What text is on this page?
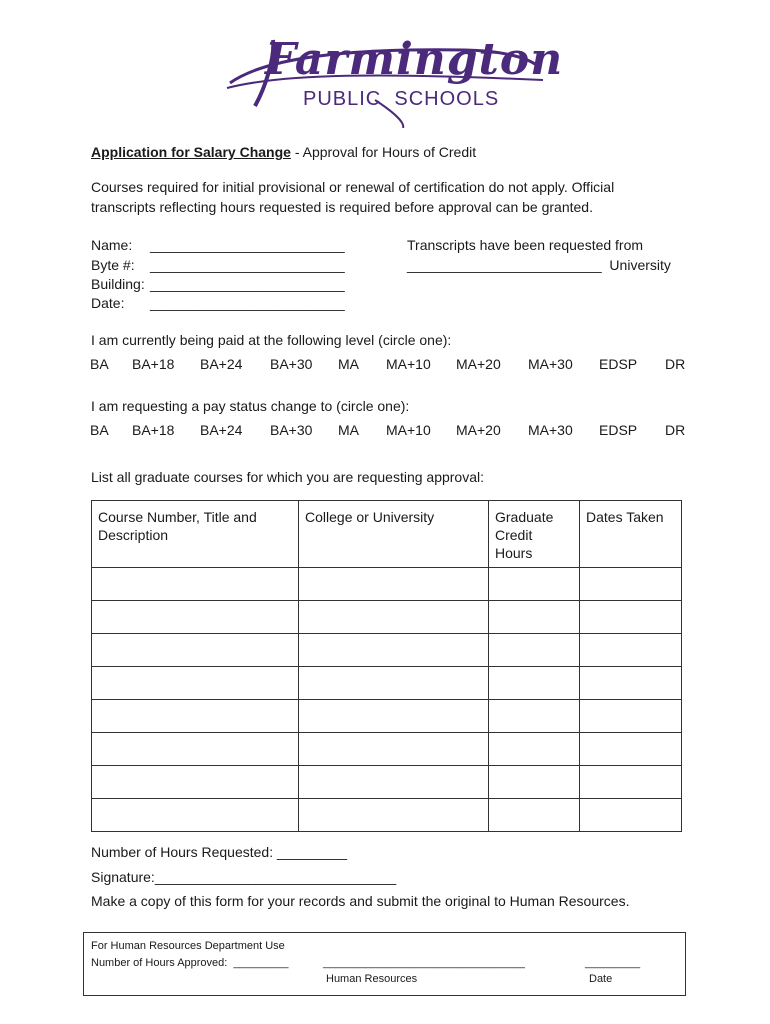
Farmington
PUBLIC  SCHOOLS
Application for Salary Change - Approval for Hours of Credit
Courses required for initial provisional or renewal of certification do not apply. Official
transcripts reflecting hours requested is required before approval can be granted.
Name: _________________________
Byte #: _________________________
Building: _________________________
Date: _________________________
Transcripts have been requested from
_________________________  University
I am currently being paid at the following level (circle one):
BA BA+18 BA+24 BA+30 MA MA+10 MA+20 MA+30 EDSP DR
I am requesting a pay status change to (circle one):
BA BA+18 BA+24 BA+30 MA MA+10 MA+20 MA+30 EDSP DR
List all graduate courses for which you are requesting approval:
Course Number, Title and Description	College or University	Graduate Credit Hours	Dates Taken

Number of Hours Requested: _________
Signature:_______________________________
Make a copy of this form for your records and submit the original to Human Resources.
For Human Resources Department Use
Number of Hours Approved:  _________	_________________________________	_________
Human Resources	Date
